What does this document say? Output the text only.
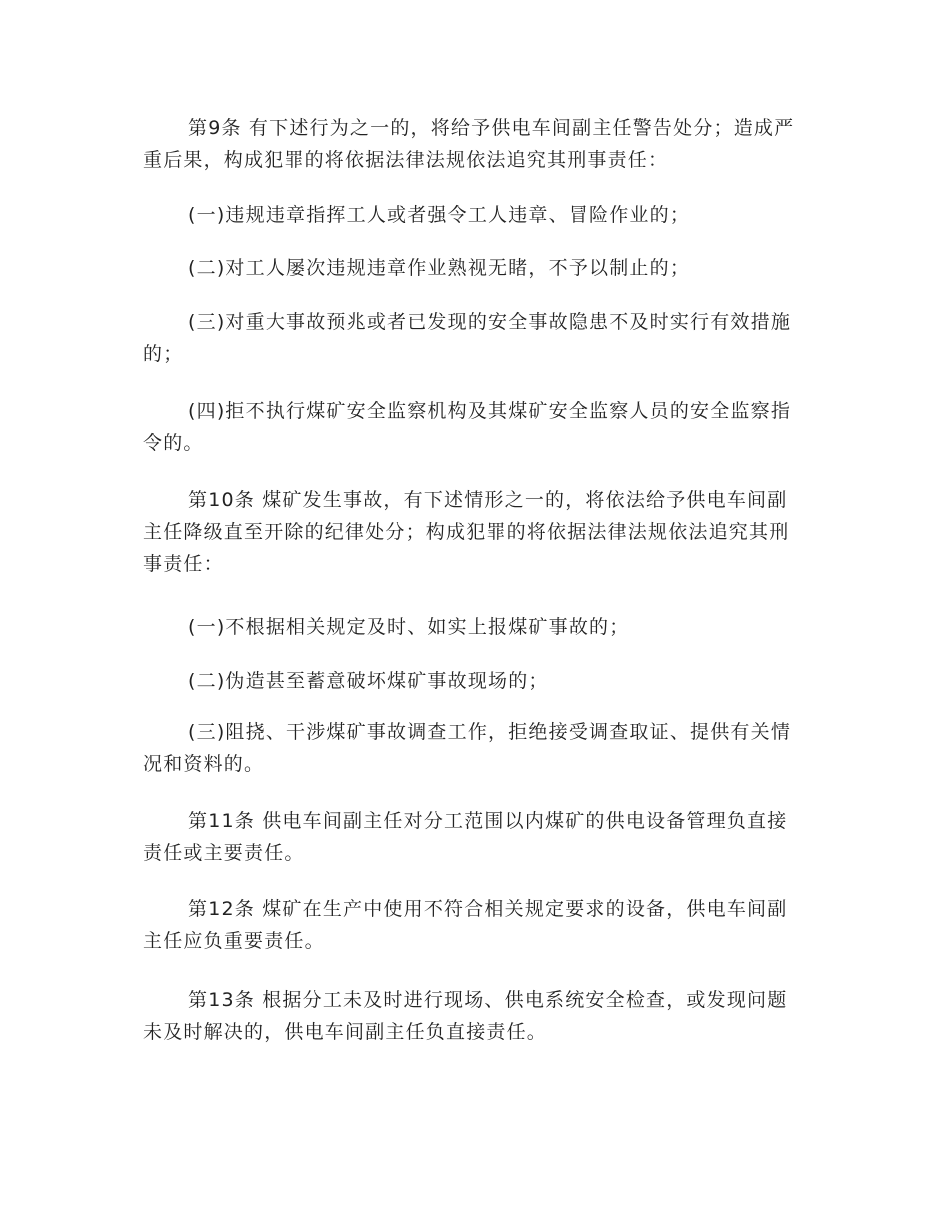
第9条 有下述行为之一的，将给予供电车间副主任警告处分；造成严重后果，构成犯罪的将依据法律法规依法追究其刑事责任：

(一)违规违章指挥工人或者强令工人违章、冒险作业的；

(二)对工人屡次违规违章作业熟视无睹，不予以制止的；

(三)对重大事故预兆或者已发现的安全事故隐患不及时实行有效措施的；

(四)拒不执行煤矿安全监察机构及其煤矿安全监察人员的安全监察指令的。

第10条 煤矿发生事故，有下述情形之一的，将依法给予供电车间副主任降级直至开除的纪律处分；构成犯罪的将依据法律法规依法追究其刑事责任：

(一)不根据相关规定及时、如实上报煤矿事故的；

(二)伪造甚至蓄意破坏煤矿事故现场的；

(三)阻挠、干涉煤矿事故调查工作，拒绝接受调查取证、提供有关情况和资料的。

第11条 供电车间副主任对分工范围以内煤矿的供电设备管理负直接责任或主要责任。

第12条 煤矿在生产中使用不符合相关规定要求的设备，供电车间副主任应负重要责任。

第13条 根据分工未及时进行现场、供电系统安全检查，或发现问题未及时解决的，供电车间副主任负直接责任。
